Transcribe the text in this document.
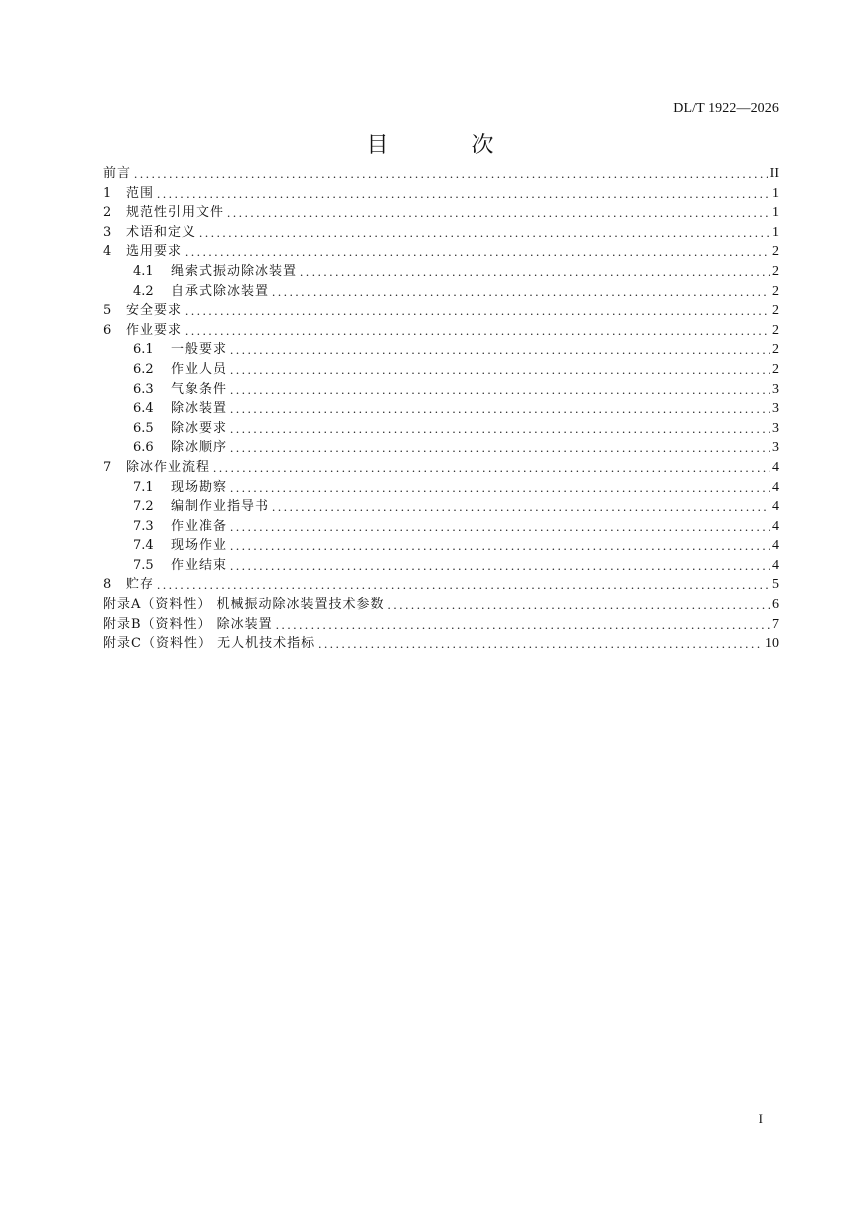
DL/T 1922—2026
目 次
前言 .....	II
1	范围 .....	1
2	规范性引用文件 .....	1
3	术语和定义 .....	1
4	选用要求 .....	2
4.1	绳索式振动除冰装置 .....	2
4.2	自承式除冰装置 .....	2
5	安全要求 .....	2
6	作业要求 .....	2
6.1	一般要求 .....	2
6.2	作业人员 .....	2
6.3	气象条件 .....	3
6.4	除冰装置 .....	3
6.5	除冰要求 .....	3
6.6	除冰顺序 .....	3
7	除冰作业流程 .....	4
7.1	现场勘察 .....	4
7.2	编制作业指导书 .....	4
7.3	作业准备 .....	4
7.4	现场作业 .....	4
7.5	作业结束 .....	4
8	贮存 .....	5
附录A（资料性） 机械振动除冰装置技术参数 .....	6
附录B（资料性） 除冰装置 .....	7
附录C（资料性） 无人机技术指标 .....	10
I
